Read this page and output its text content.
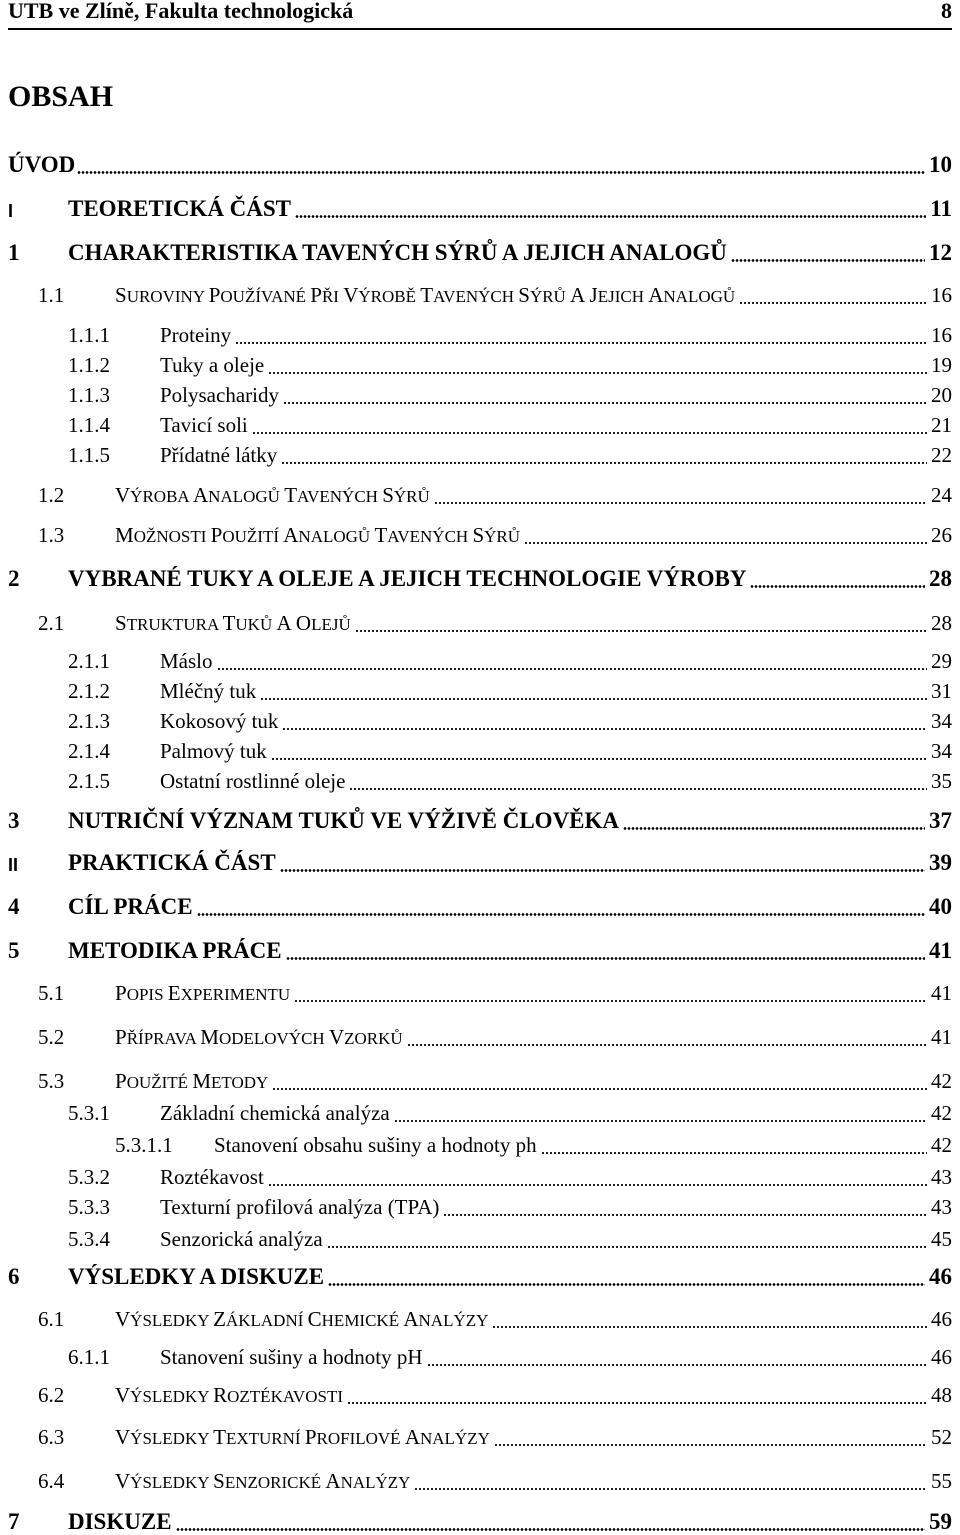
UTB ve Zlíně, Fakulta technologická	8
OBSAH
ÚVOD	10
I TEORETICKÁ ČÁST	11
1 CHARAKTERISTIKA TAVENÝCH SÝRŮ A JEJICH ANALOGŮ	12
1.1 SUROVINY POUŽÍVANÉ PŘI VÝROBĚ TAVENÝCH SÝRŮ A JEJICH ANALOGŮ	16
1.1.1 Proteiny	16
1.1.2 Tuky a oleje	19
1.1.3 Polysacharidy	20
1.1.4 Tavicí soli	21
1.1.5 Přídatné látky	22
1.2 VÝROBA ANALOGŮ TAVENÝCH SÝRŮ	24
1.3 MOŽNOSTI POUŽITÍ ANALOGŮ TAVENÝCH SÝRŮ	26
2 VYBRANÉ TUKY A OLEJE A JEJICH TECHNOLOGIE VÝROBY	28
2.1 STRUKTURA TUKŮ A OLEJŮ	28
2.1.1 Máslo	29
2.1.2 Mléčný tuk	31
2.1.3 Kokosový tuk	34
2.1.4 Palmový tuk	34
2.1.5 Ostatní rostlinné oleje	35
3 NUTRIČNÍ VÝZNAM TUKŮ VE VÝŽIVĚ ČLOVĚKA	37
II PRAKTICKÁ ČÁST	39
4 CÍL PRÁCE	40
5 METODIKA PRÁCE	41
5.1 POPIS EXPERIMENTU	41
5.2 PŘÍPRAVA MODELOVÝCH VZORKŮ	41
5.3 POUŽITÉ METODY	42
5.3.1 Základní chemická analýza	42
5.3.1.1 Stanovení obsahu sušiny a hodnoty ph	42
5.3.2 Roztékavost	43
5.3.3 Texturní profilová analýza (TPA)	43
5.3.4 Senzorická analýza	45
6 VÝSLEDKY A DISKUZE	46
6.1 VÝSLEDKY ZÁKLADNÍ CHEMICKÉ ANALÝZY	46
6.1.1 Stanovení sušiny a hodnoty pH	46
6.2 VÝSLEDKY ROZTÉKAVOSTI	48
6.3 VÝSLEDKY TEXTURNÍ PROFILOVÉ ANALÝZY	52
6.4 VÝSLEDKY SENZORICKÉ ANALÝZY	55
7 DISKUZE	59
